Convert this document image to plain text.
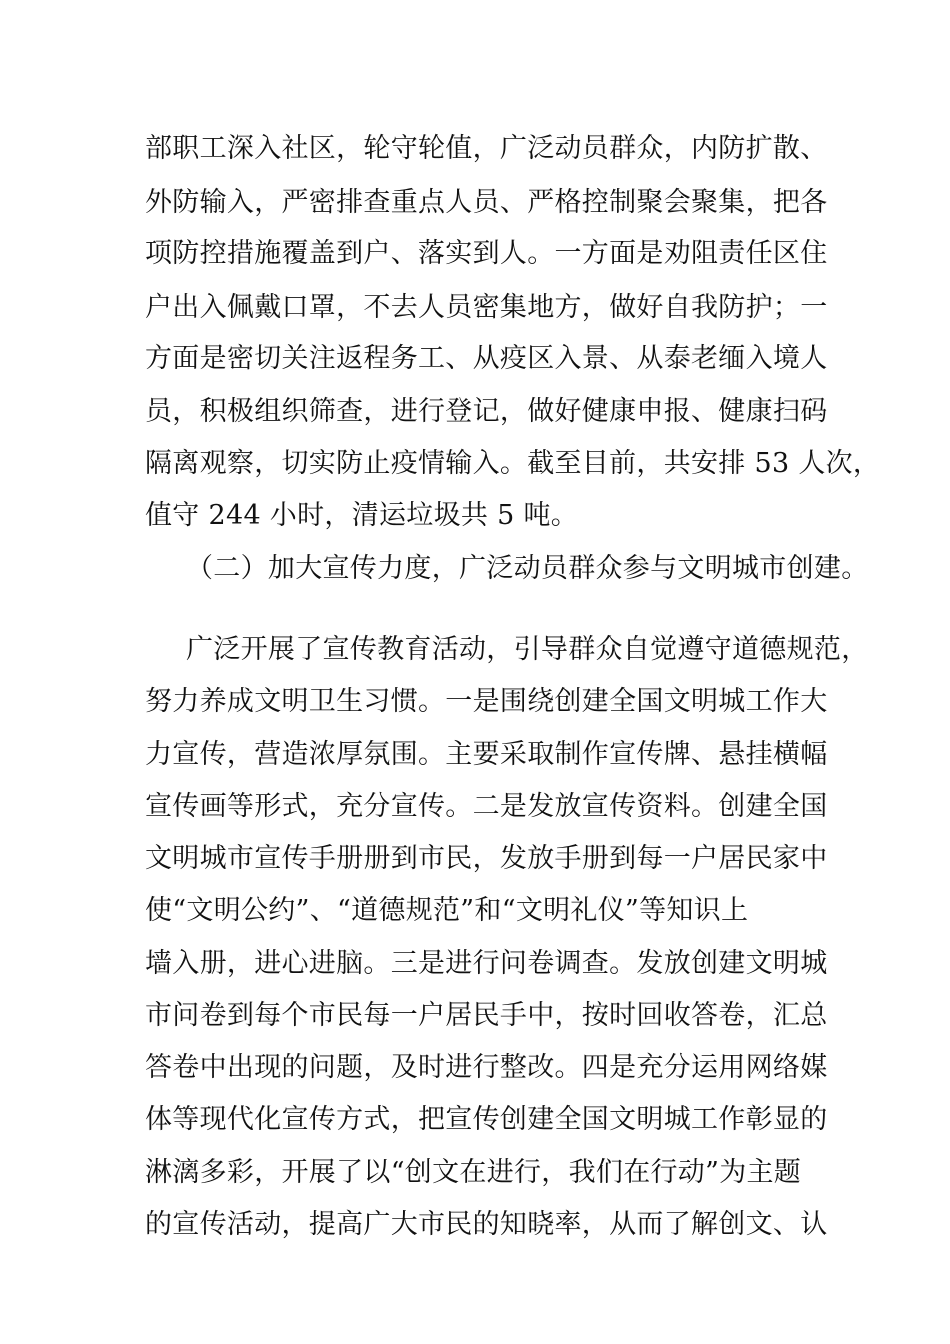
部职工深入社区，轮守轮值，广泛动员群众，内防扩散、
外防输入，严密排查重点人员、严格控制聚会聚集，把各
项防控措施覆盖到户、落实到人。一方面是劝阻责任区住
户出入佩戴口罩，不去人员密集地方，做好自我防护；一
方面是密切关注返程务工、从疫区入景、从泰老缅入境人
员，积极组织筛查，进行登记，做好健康申报、健康扫码
隔离观察，切实防止疫情输入。截至目前，共安排 53 人次，
值守 244 小时，清运垃圾共 5 吨。
（二）加大宣传力度，广泛动员群众参与文明城市创建。
广泛开展了宣传教育活动，引导群众自觉遵守道德规范，
努力养成文明卫生习惯。一是围绕创建全国文明城工作大
力宣传，营造浓厚氛围。主要采取制作宣传牌、悬挂横幅
宣传画等形式，充分宣传。二是发放宣传资料。创建全国
文明城市宣传手册册到市民，发放手册到每一户居民家中
使“文明公约”、“道德规范”和“文明礼仪”等知识上
墙入册，进心进脑。三是进行问卷调查。发放创建文明城
市问卷到每个市民每一户居民手中，按时回收答卷，汇总
答卷中出现的问题，及时进行整改。四是充分运用网络媒
体等现代化宣传方式，把宣传创建全国文明城工作彰显的
淋漓多彩，开展了以“创文在进行，我们在行动”为主题
的宣传活动，提高广大市民的知晓率，从而了解创文、认
